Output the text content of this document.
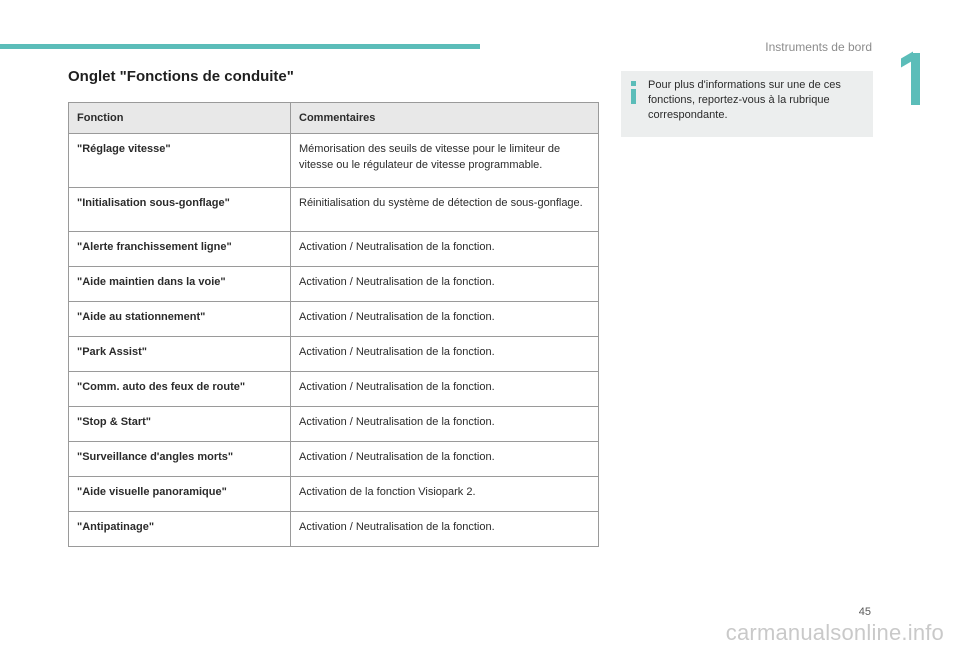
Instruments de bord
Onglet "Fonctions de conduite"	Pour plus d'informations sur une de ces fonctions, reportez-vous à la rubrique correspondante.
Fonction	Commentaires
"Réglage vitesse"	Mémorisation des seuils de vitesse pour le limiteur de vitesse ou le régulateur de vitesse programmable.
"Initialisation sous-gonflage"	Réinitialisation du système de détection de sous-gonflage.
"Alerte franchissement ligne"	Activation / Neutralisation de la fonction.
"Aide maintien dans la voie"	Activation / Neutralisation de la fonction.
"Aide au stationnement"	Activation / Neutralisation de la fonction.
"Park Assist"	Activation / Neutralisation de la fonction.
"Comm. auto des feux de route"	Activation / Neutralisation de la fonction.
"Stop & Start"	Activation / Neutralisation de la fonction.
"Surveillance d'angles morts"	Activation / Neutralisation de la fonction.
"Aide visuelle panoramique"	Activation de la fonction Visiopark 2.
"Antipatinage"	Activation / Neutralisation de la fonction.
45
carmanualsonline.info
